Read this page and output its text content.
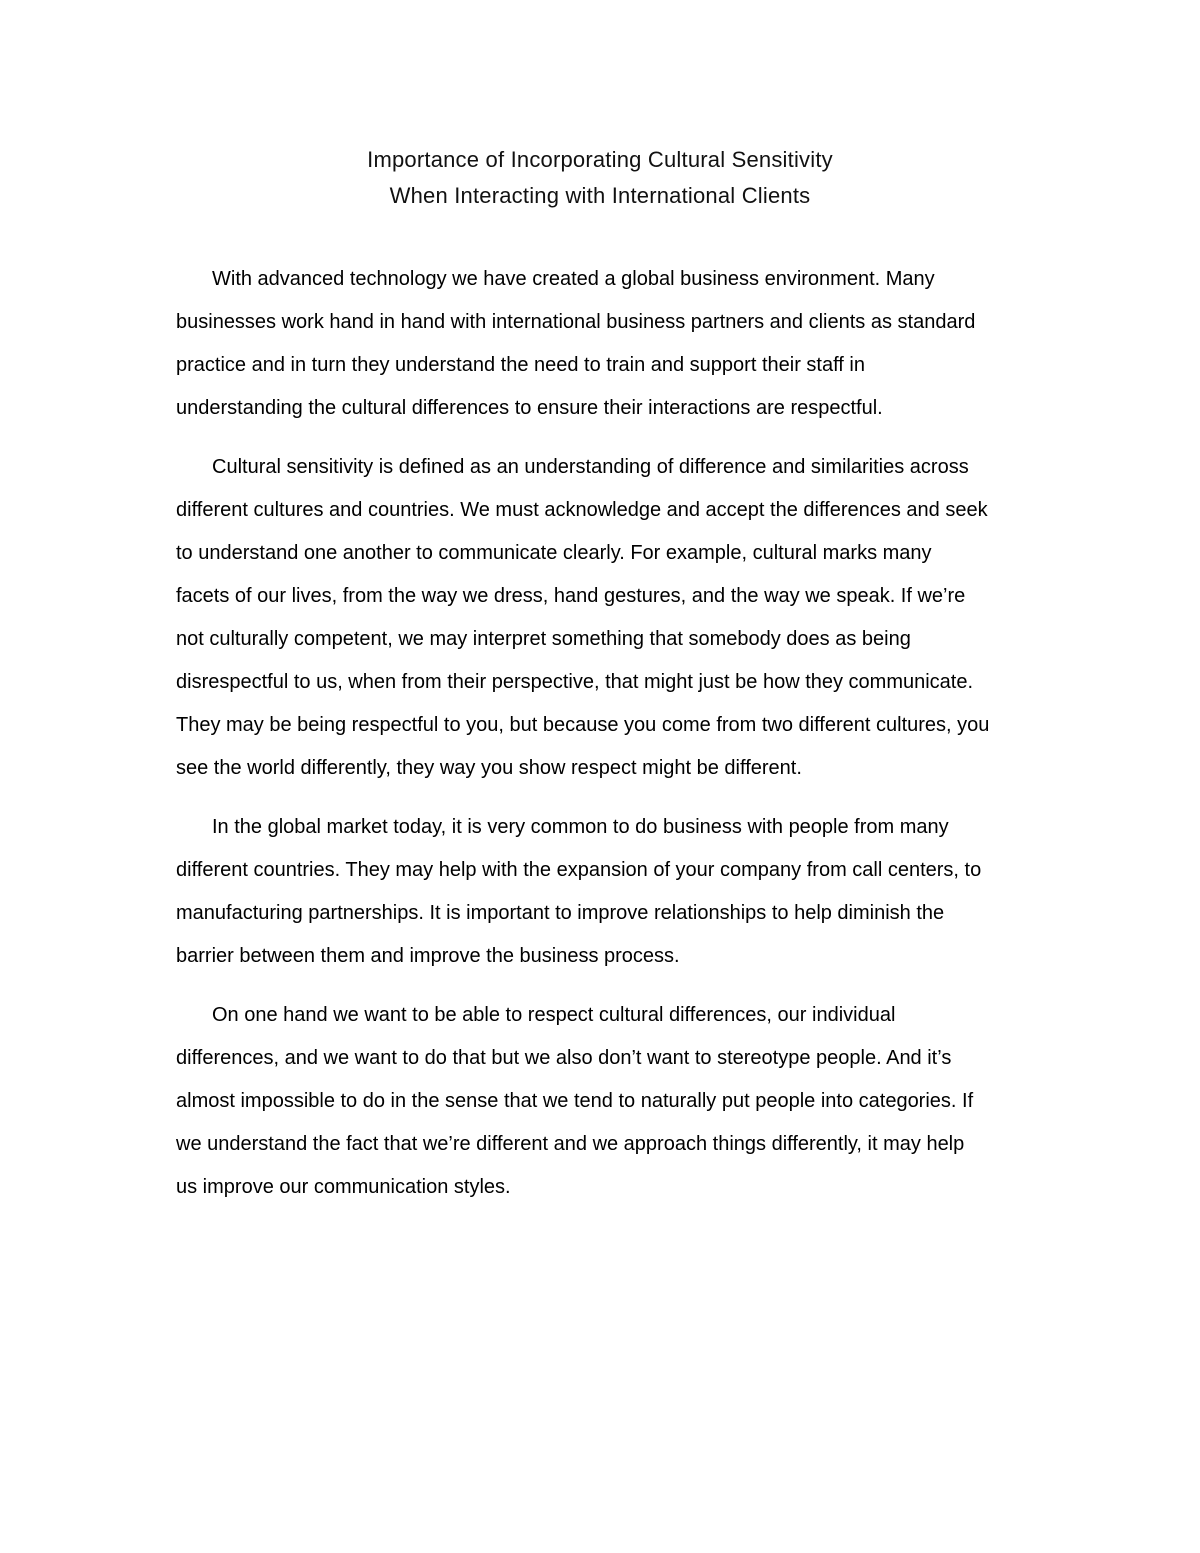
Importance of Incorporating Cultural Sensitivity
When Interacting with International Clients

With advanced technology we have created a global business environment. Many
businesses work hand in hand with international business partners and clients as standard
practice and in turn they understand the need to train and support their staff in
understanding the cultural differences to ensure their interactions are respectful.

Cultural sensitivity is defined as an understanding of difference and similarities across
different cultures and countries. We must acknowledge and accept the differences and seek
to understand one another to communicate clearly. For example, cultural marks many
facets of our lives, from the way we dress, hand gestures, and the way we speak. If we’re
not culturally competent, we may interpret something that somebody does as being
disrespectful to us, when from their perspective, that might just be how they communicate.
They may be being respectful to you, but because you come from two different cultures, you
see the world differently, they way you show respect might be different.

In the global market today, it is very common to do business with people from many
different countries. They may help with the expansion of your company from call centers, to
manufacturing partnerships. It is important to improve relationships to help diminish the
barrier between them and improve the business process.

On one hand we want to be able to respect cultural differences, our individual
differences, and we want to do that but we also don’t want to stereotype people. And it’s
almost impossible to do in the sense that we tend to naturally put people into categories. If
we understand the fact that we’re different and we approach things differently, it may help
us improve our communication styles.
